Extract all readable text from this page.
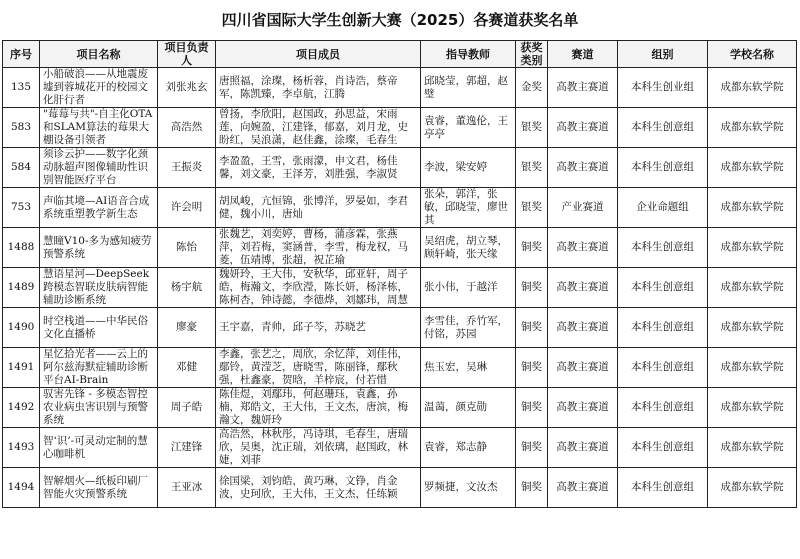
四川省国际大学生创新大赛（2025）各赛道获奖名单
序号	项目名称	项目负责人	项目成员	指导教师	获奖类别	赛道	组别	学校名称
135	小船破浪——从地震废墟到蓉城花开的校园文化肝行者	刘张兆玄	唐照福，涂璨，杨析蓉，肖诗浩，蔡帝军，陈凯臻，李卓航，江腾	邱晓莹，郭超，赵璧	金奖	高教主赛道	本科生创业组	成都东软学院
583	"莓莓与共"-自主化OTA和SLAM算法的莓果大棚设备引领者	高浩然	曾扬，李欣阳，赵国政，孙思益，宋雨莲，向婉盈，江建锋，郁嘉，刘月龙，史盼红，吴浪潇，赵佳鑫，涂璨，毛春生	袁睿，董逸伦，王亭亭	银奖	高教主赛道	本科生创意组	成都东软学院
584	须诊云护——数字化颈动脉超声图像辅助性识别智能医疗平台	王振炎	李盈盈，王雪，张雨濛，申文君，杨佳馨，刘文豪，王泽芳，刘胜强，李淑贤	李波，梁安婷	银奖	高教主赛道	本科生创意组	成都东软学院
753	声临其境—AI语音合成系统重塑教学新生态	许会明	胡凤峻，亢恒锦，张博洋，罗晏如，李君健，魏小川，唐灿	张朵，郭洋，张敏，邱晓莹，廖世其	银奖	产业赛道	企业命题组	成都东软学院
1488	慧瞳V10-多为感知疲劳预警系统	陈怡	张魏艺，刘奕婷，曹杨，蒲彦霖，张燕萍，刘若梅，窦涵普，李雪，梅龙权，马菱，伍靖博，张超，祝芷瑜	吴绍虎，胡立琴，顾轩崎，张天缘	铜奖	高教主赛道	本科生创意组	成都东软学院
1489	慧语星河—DeepSeek跨模态智联皮肤病智能辅助诊断系统	杨宇航	魏妍玲，王大伟，安秋华，邱亚轩，周子皓，梅瀚文，李欣瀅，陈长妍，杨泽栋，陈柯杏，钟诗懿，李德烨，刘鄒玮，周慧	张小伟，于越洋	铜奖	高教主赛道	本科生创意组	成都东软学院
1490	时空栈道——中华民俗文化直播桥	廖豪	王宇嘉，青帅，邱子芩，苏晓艺	李雪佳，乔竹军，付铭，苏园	铜奖	高教主赛道	本科生创意组	成都东软学院
1491	星忆拾光者——云上的阿尔兹海默症辅助诊断平台AI-Brain	邓健	李鑫，张艺之，周欣，余忆萍，刘佳伟，鄢铃，黄滢芝，唐晓雪，陈丽锋，鄢秋强，杜鑫豪，贺晗，羊梓宸，付若惜	焦玉宏，吴琳	铜奖	高教主赛道	本科生创意组	成都东软学院
1492	驭害先锋 - 多模态智控农业病虫害识别与预警系统	周子皓	陈佳煜，刘鄢玮，何赵珊珏，袁鑫，孙楠，郑皓文，王大伟，王文杰，唐滨，梅瀚文，魏妍玲	温蔼，颜克勋	铜奖	高教主赛道	本科生创意组	成都东软学院
1493	智‘识’-可灵动定制的慧心咖啡机	江建锋	高浩然，林秋彤，冯诗琪，毛春生，唐瑞欣，吴奥，沈正瑞，刘依璃，赵国政，林婕，刘菲	袁睿，郑志静	铜奖	高教主赛道	本科生创意组	成都东软学院
1494	智解烟火—纸板印刷厂智能火灾预警系统	王亚冰	徐国梁，刘钧皓，黄巧琳，文铮，肖金波，史珂欣，王大伟，王文杰，任练颖	罗频捷，文汝杰	铜奖	高教主赛道	本科生创意组	成都东软学院
